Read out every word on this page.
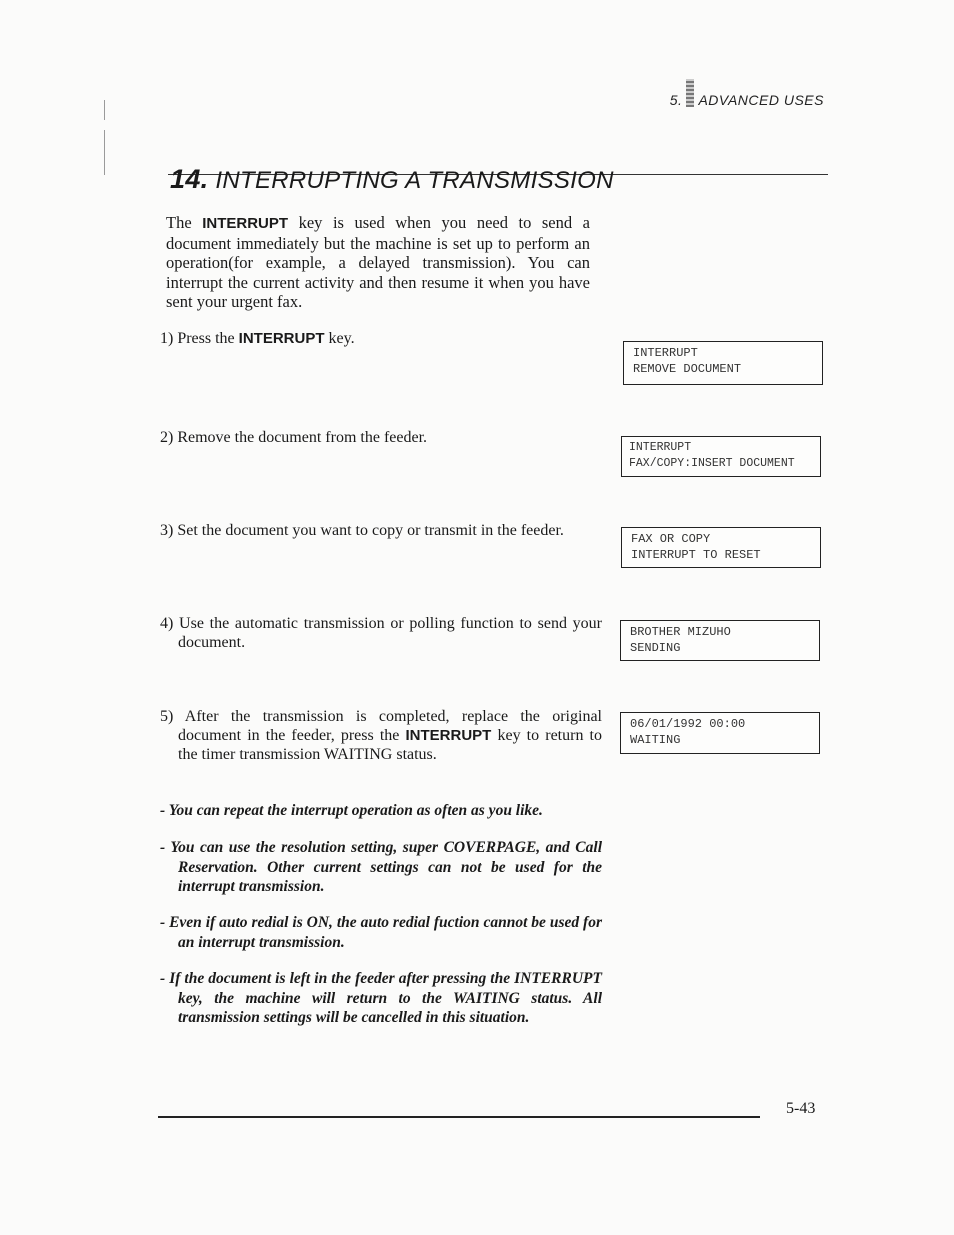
5. ADVANCED USES
14. INTERRUPTING A TRANSMISSION

The INTERRUPT key is used when you need to send a document immediately but the machine is set up to perform an operation(for example, a delayed transmission). You can interrupt the current activity and then resume it when you have sent your urgent fax.

1) Press the INTERRUPT key.

2) Remove the document from the feeder.

3) Set the document you want to copy or transmit in the feeder.

4) Use the automatic transmission or polling function to send your document.

5) After the transmission is completed, replace the original document in the feeder, press the INTERRUPT key to return to the timer transmission WAITING status.

INTERRUPT
REMOVE DOCUMENT
INTERRUPT
FAX/COPY:INSERT DOCUMENT
FAX OR COPY
INTERRUPT TO RESET
BROTHER MIZUHO
SENDING
06/01/1992 00:00
WAITING

- You can repeat the interrupt operation as often as you like.

- You can use the resolution setting, super COVERPAGE, and Call Reservation. Other current settings can not be used for the interrupt transmission.

- Even if auto redial is ON, the auto redial fuction cannot be used for an interrupt transmission.

- If the document is left in the feeder after pressing the INTERRUPT key, the machine will return to the WAITING status. All transmission settings will be cancelled in this situation.

5-43
